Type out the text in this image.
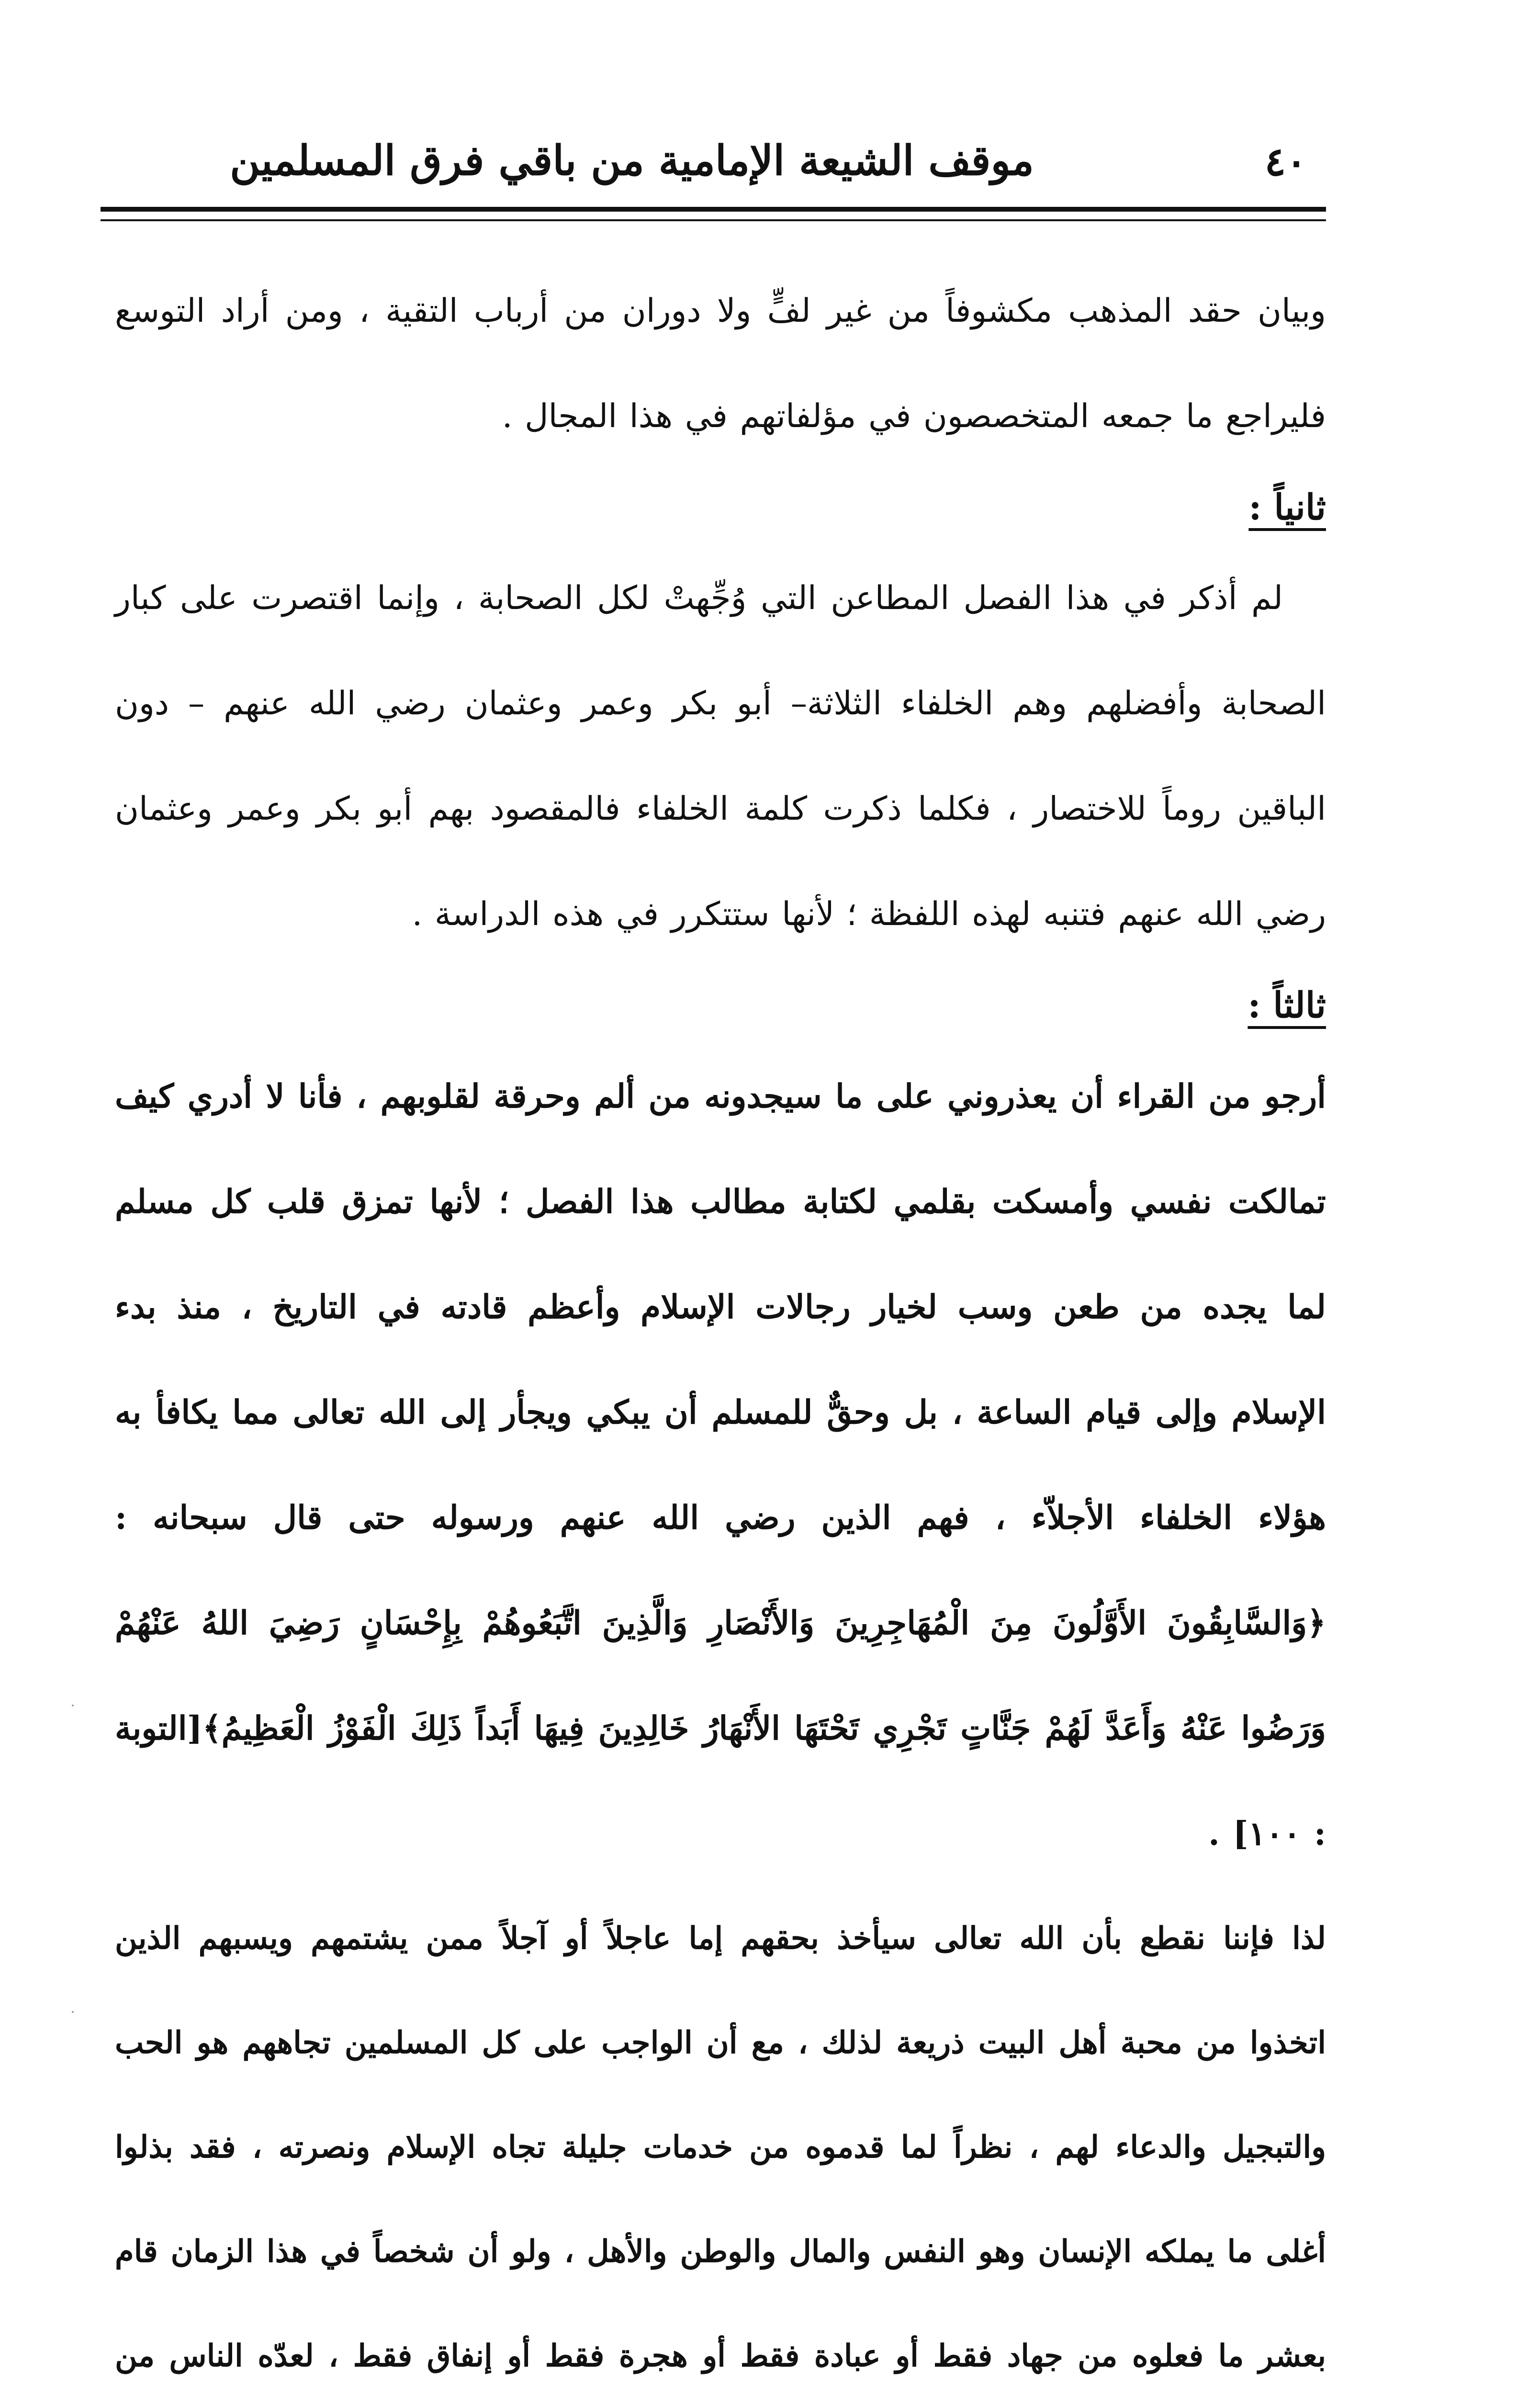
٤٠
موقف الشيعة الإمامية من باقي فرق المسلمين

وبيان حقد المذهب مكشوفاً من غير لفٍّ ولا دوران من أرباب التقية ، ومن أراد التوسع فليراجع ما جمعه المتخصصون في مؤلفاتهم في هذا المجال .

ثانياً :

لم أذكر في هذا الفصل المطاعن التي وُجِّهتْ لكل الصحابة ، وإنما اقتصرت على كبار الصحابة وأفضلهم وهم الخلفاء الثلاثة– أبو بكر وعمر وعثمان رضي الله عنهم – دون الباقين روماً للاختصار ، فكلما ذكرت كلمة الخلفاء فالمقصود بهم أبو بكر وعمر وعثمان رضي الله عنهم فتنبه لهذه اللفظة ؛ لأنها ستتكرر في هذه الدراسة .

ثالثاً :

أرجو من القراء أن يعذروني على ما سيجدونه من ألم وحرقة لقلوبهم ، فأنا لا أدري كيف تمالكت نفسي وأمسكت بقلمي لكتابة مطالب هذا الفصل ؛ لأنها تمزق قلب كل مسلم لما يجده من طعن وسب لخيار رجالات الإسلام وأعظم قادته في التاريخ ، منذ بدء الإسلام وإلى قيام الساعة ، بل وحقٌّ للمسلم أن يبكي ويجأر إلى الله تعالى مما يكافأ به هؤلاء الخلفاء الأجلاّء ، فهم الذين رضي الله عنهم ورسوله حتى قال سبحانه : ﴿وَالسَّابِقُونَ الأَوَّلُونَ مِنَ الْمُهَاجِرِينَ وَالأَنْصَارِ وَالَّذِينَ اتَّبَعُوهُمْ بِإِحْسَانٍ رَضِيَ اللهُ عَنْهُمْ وَرَضُوا عَنْهُ وَأَعَدَّ لَهُمْ جَنَّاتٍ تَجْرِي تَحْتَهَا الأَنْهَارُ خَالِدِينَ فِيهَا أَبَداً ذَلِكَ الْفَوْزُ الْعَظِيمُ﴾[التوبة : ١٠٠] .

لذا فإننا نقطع بأن الله تعالى سيأخذ بحقهم إما عاجلاً أو آجلاً ممن يشتمهم ويسبهم الذين اتخذوا من محبة أهل البيت ذريعة لذلك ، مع أن الواجب على كل المسلمين تجاههم هو الحب والتبجيل والدعاء لهم ، نظراً لما قدموه من خدمات جليلة تجاه الإسلام ونصرته ، فقد بذلوا أغلى ما يملكه الإنسان وهو النفس والمال والوطن والأهل ، ولو أن شخصاً في هذا الزمان قام بعشر ما فعلوه من جهاد فقط أو عبادة فقط أو هجرة فقط أو إنفاق فقط ، لعدّه الناس من
